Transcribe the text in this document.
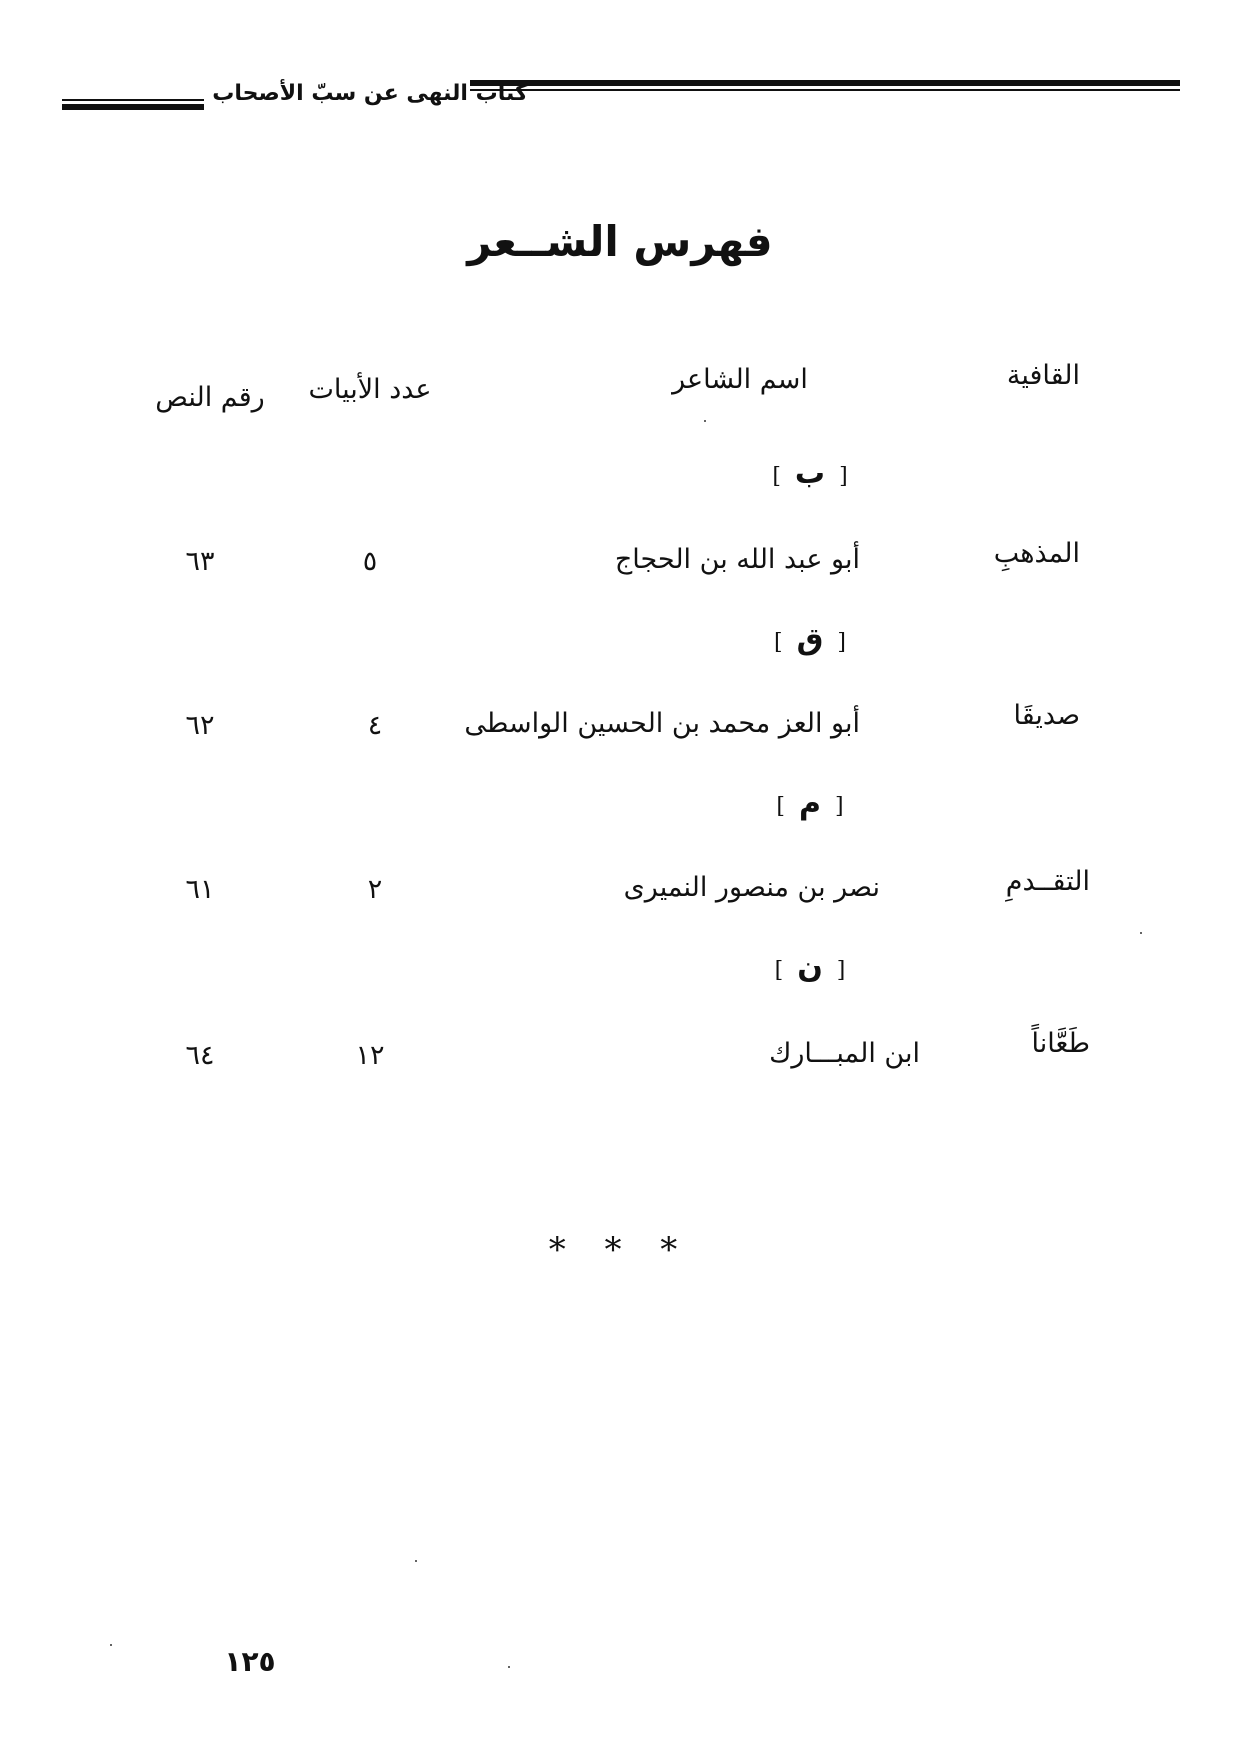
كتاب النهى عن سبّ الأصحاب
فهرس الشــعر
القافية
اسم الشاعر
عدد الأبيات
رقم النص
[ب]
المذهبِ
أبو عبد الله بن الحجاج
٥
٦٣
[ق]
صديقَا
أبو العز محمد بن الحسين الواسطى
٤
٦٢
[م]
التقــدمِ
نصر بن منصور النميرى
٢
٦١
[ن]
طَعَّاناً
ابن المبـــارك
١٢
٦٤
* * *
١٢٥
